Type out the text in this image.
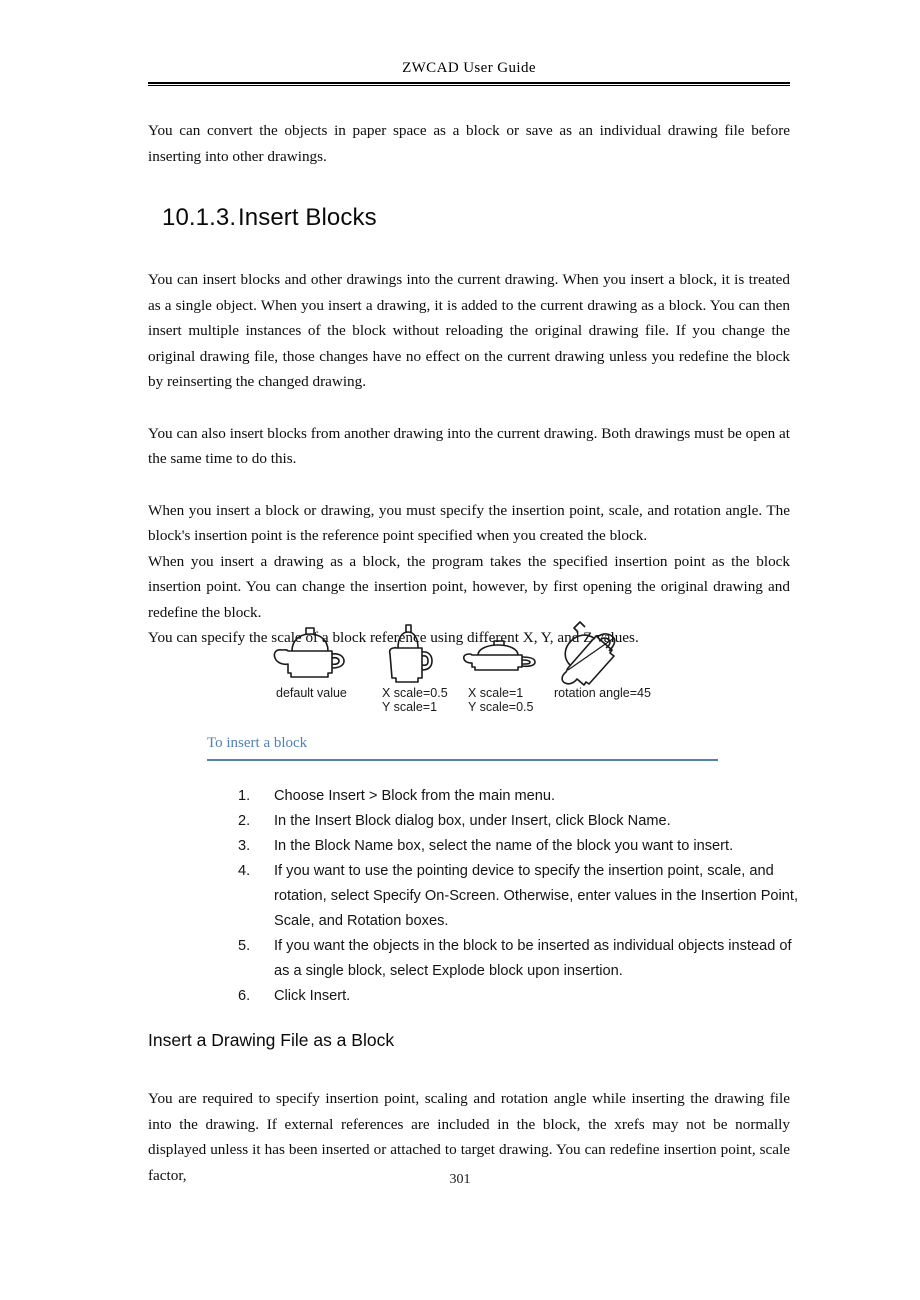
ZWCAD User Guide

You can convert the objects in paper space as a block or save as an individual drawing file before inserting into other drawings.

10.1.3.Insert Blocks

You can insert blocks and other drawings into the current drawing. When you insert a block, it is treated as a single object. When you insert a drawing, it is added to the current drawing as a block. You can then insert multiple instances of the block without reloading the original drawing file. If you change the original drawing file, those changes have no effect on the current drawing unless you redefine the block by reinserting the changed drawing.

You can also insert blocks from another drawing into the current drawing. Both drawings must be open at the same time to do this.

When you insert a block or drawing, you must specify the insertion point, scale, and rotation angle. The block's insertion point is the reference point specified when you created the block.

When you insert a drawing as a block, the program takes the specified insertion point as the block insertion point. You can change the insertion point, however, by first opening the original drawing and redefine the block.

You can specify the scale of a block reference using different X, Y, and Z values.

default value	X scale=0.5
Y scale=1
X scale=1
Y scale=0.5
rotation angle=45
To insert a block
1.	Choose Insert > Block from the main menu.
2.	In the Insert Block dialog box, under Insert, click Block Name.
3.	In the Block Name box, select the name of the block you want to insert.
4.	If you want to use the pointing device to specify the insertion point, scale, and rotation, select Specify On-Screen. Otherwise, enter values in the Insertion Point, Scale, and Rotation boxes.
5.	If you want the objects in the block to be inserted as individual objects instead of as a single block, select Explode block upon insertion.
6.	Click Insert.
Insert a Drawing File as a Block

You are required to specify insertion point, scaling and rotation angle while inserting the drawing file into the drawing. If external references are included in the block, the xrefs may not be normally displayed unless it has been inserted or attached to target drawing. You can redefine insertion point, scale factor,	301
